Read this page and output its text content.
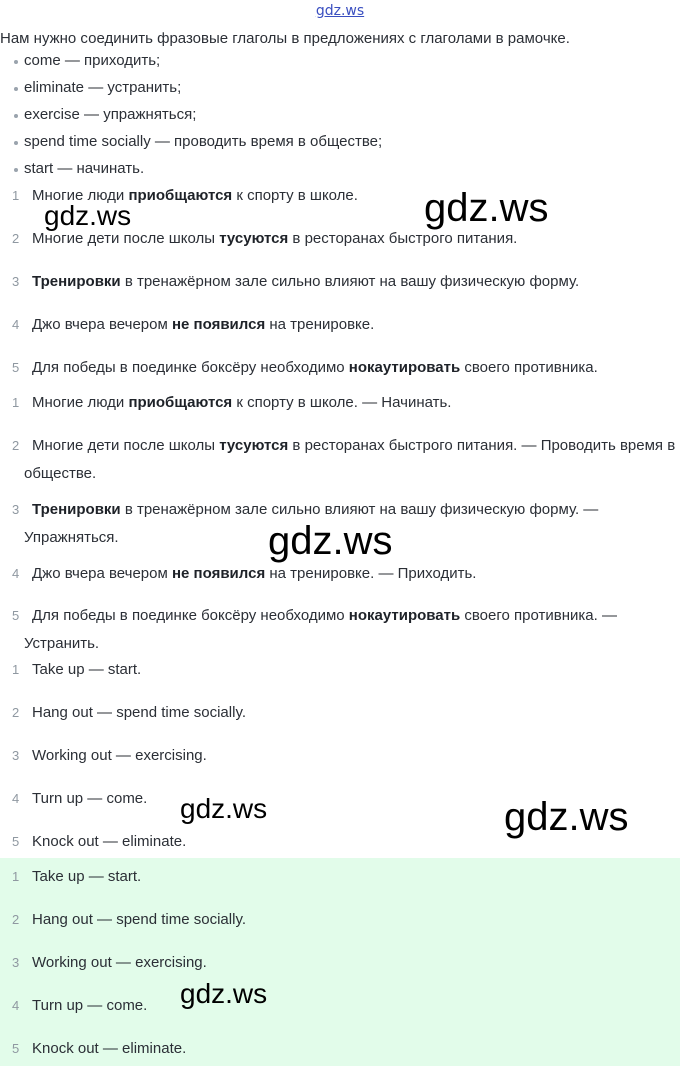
gdz.ws
Нам нужно соединить фразовые глаголы в предложениях с глаголами в рамочке.
come — приходить;
eliminate — устранить;
exercise — упражняться;
spend time socially — проводить время в обществе;
start — начинать.
1 Многие люди приобщаются к спорту в школе.
2 Многие дети после школы тусуются в ресторанах быстрого питания.
3 Тренировки в тренажёрном зале сильно влияют на вашу физическую форму.
4 Джо вчера вечером не появился на тренировке.
5 Для победы в поединке боксёру необходимо нокаутировать своего противника.
1 Многие люди приобщаются к спорту в школе. — Начинать.
2 Многие дети после школы тусуются в ресторанах быстрого питания. — Проводить время в обществе.
3 Тренировки в тренажёрном зале сильно влияют на вашу физическую форму. — Упражняться.
4 Джо вчера вечером не появился на тренировке. — Приходить.
5 Для победы в поединке боксёру необходимо нокаутировать своего противника. — Устранить.
1 Take up — start.
2 Hang out — spend time socially.
3 Working out — exercising.
4 Turn up — come.
5 Knock out — eliminate.
1 Take up — start.
2 Hang out — spend time socially.
3 Working out — exercising.
4 Turn up — come.
5 Knock out — eliminate.
gdz.ws	gdz.ws
gdz.ws
gdz.ws	gdz.ws
gdz.ws
